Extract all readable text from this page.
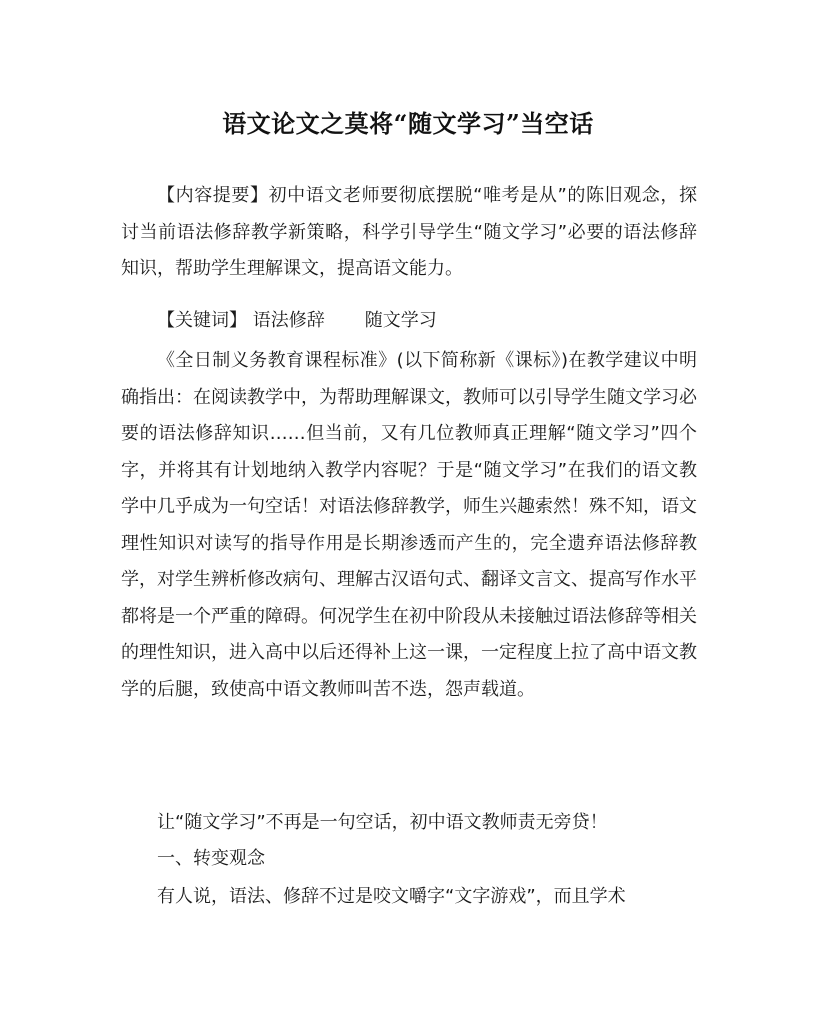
语文论文之莫将“随文学习”当空话

【内容提要】初中语文老师要彻底摆脱“唯考是从”的陈旧观念，探讨当前语法修辞教学新策略，科学引导学生“随文学习”必要的语法修辞知识，帮助学生理解课文，提高语文能力。

【关键词】 语法修辞 随文学习

《全日制义务教育课程标准》(以下简称新《课标》)在教学建议中明确指出：在阅读教学中，为帮助理解课文，教师可以引导学生随文学习必要的语法修辞知识……但当前，又有几位教师真正理解“随文学习”四个字，并将其有计划地纳入教学内容呢？于是“随文学习”在我们的语文教学中几乎成为一句空话！对语法修辞教学，师生兴趣索然！殊不知，语文理性知识对读写的指导作用是长期渗透而产生的，完全遗弃语法修辞教学，对学生辨析修改病句、理解古汉语句式、翻译文言文、提高写作水平都将是一个严重的障碍。何况学生在初中阶段从未接触过语法修辞等相关的理性知识，进入高中以后还得补上这一课，一定程度上拉了高中语文教学的后腿，致使高中语文教师叫苦不迭，怨声载道。

让“随文学习”不再是一句空话，初中语文教师责无旁贷！

一、转变观念

有人说，语法、修辞不过是咬文嚼字“文字游戏”，而且学术
